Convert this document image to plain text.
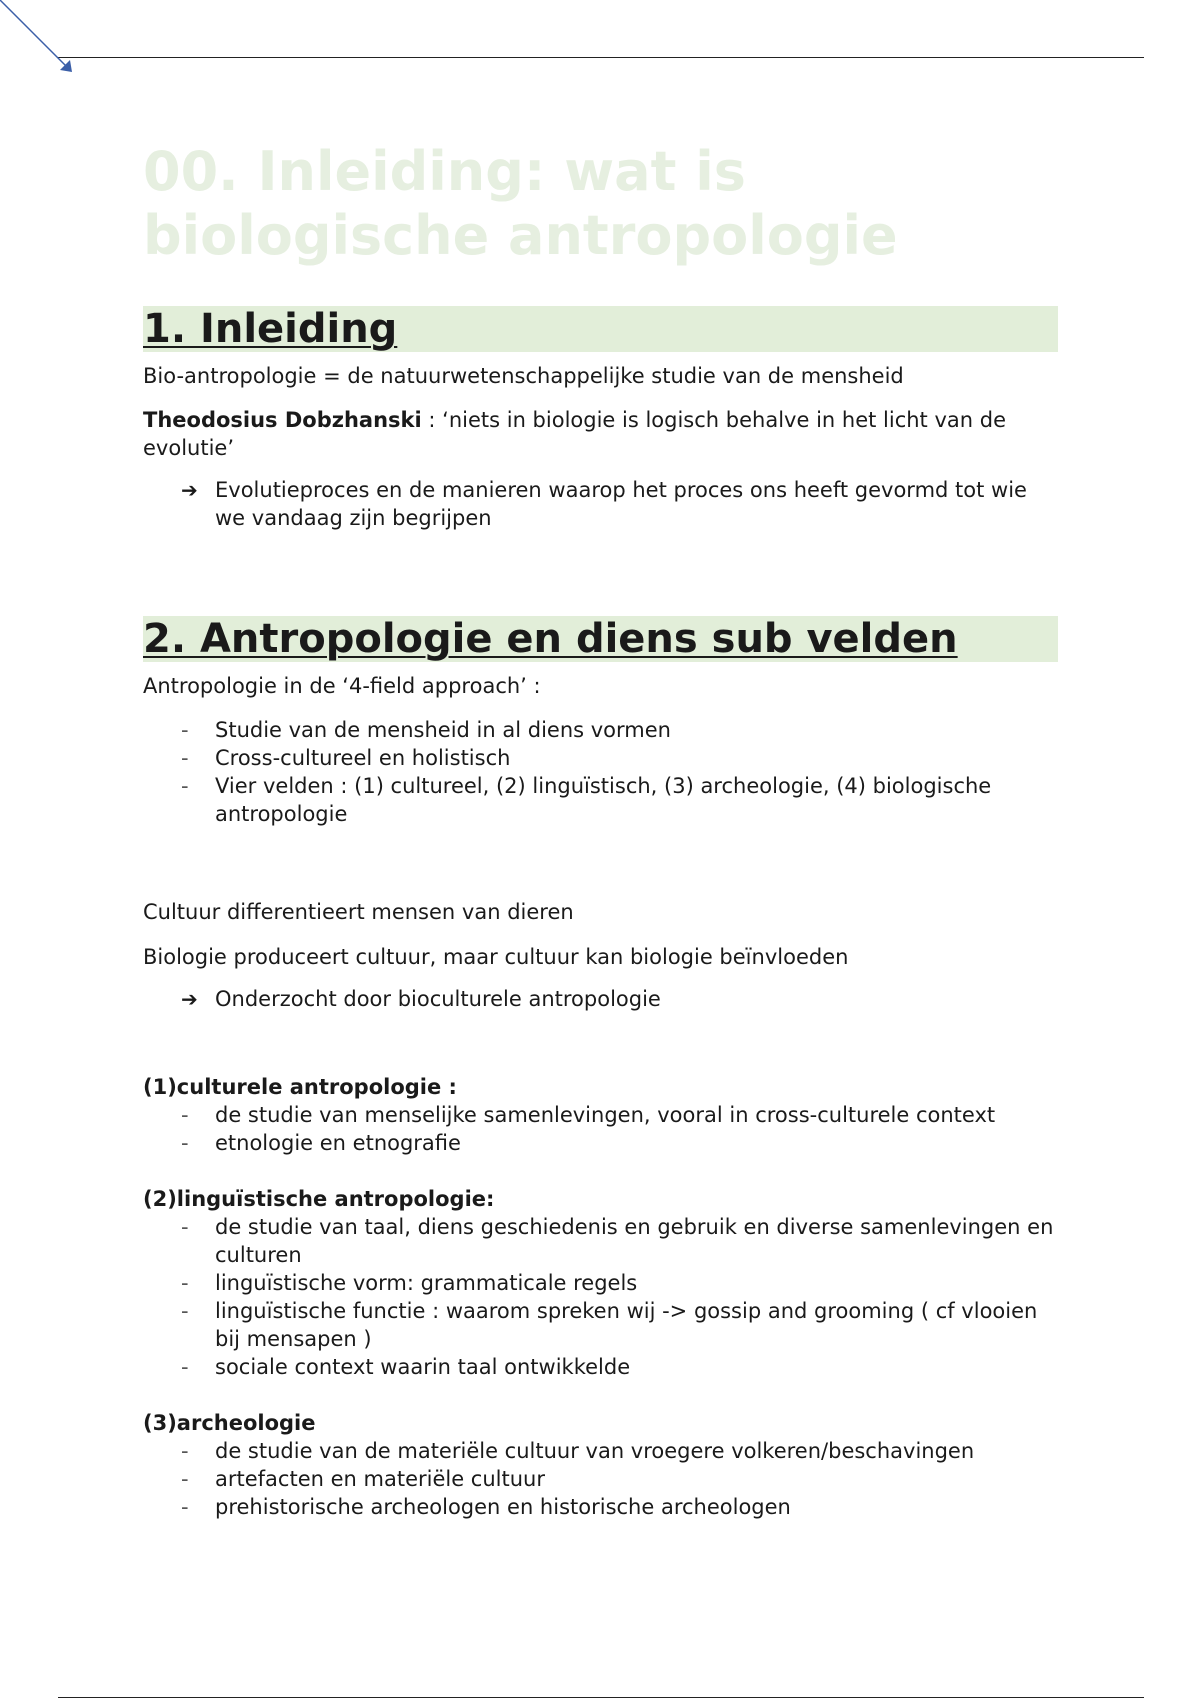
00. Inleiding: wat is biologische antropologie
1. Inleiding

Bio-antropologie = de natuurwetenschappelijke studie van de mensheid

Theodosius Dobzhanski : ‘niets in biologie is logisch behalve in het licht van de evolutie’

➔ Evolutieproces en de manieren waarop het proces ons heeft gevormd tot wie we vandaag zijn begrijpen
2. Antropologie en diens sub velden

Antropologie in de ‘4-field approach’ :

-	Studie van de mensheid in al diens vormen
-	Cross-cultureel en holistisch
-	Vier velden : (1) cultureel, (2) linguïstisch, (3) archeologie, (4) biologische antropologie

Cultuur differentieert mensen van dieren

Biologie produceert cultuur, maar cultuur kan biologie beïnvloeden

➔ Onderzocht door bioculturele antropologie

(1)culturele antropologie :

-	de studie van menselijke samenlevingen, vooral in cross-culturele context
-	etnologie en etnografie

(2)linguïstische antropologie:

-	de studie van taal, diens geschiedenis en gebruik en diverse samenlevingen en culturen
-	linguïstische vorm: grammaticale regels
-	linguïstische functie : waarom spreken wij -> gossip and grooming ( cf vlooien bij mensapen )
-	sociale context waarin taal ontwikkelde

(3)archeologie

-	de studie van de materiële cultuur van vroegere volkeren/beschavingen
-	artefacten en materiële cultuur
-	prehistorische archeologen en historische archeologen
